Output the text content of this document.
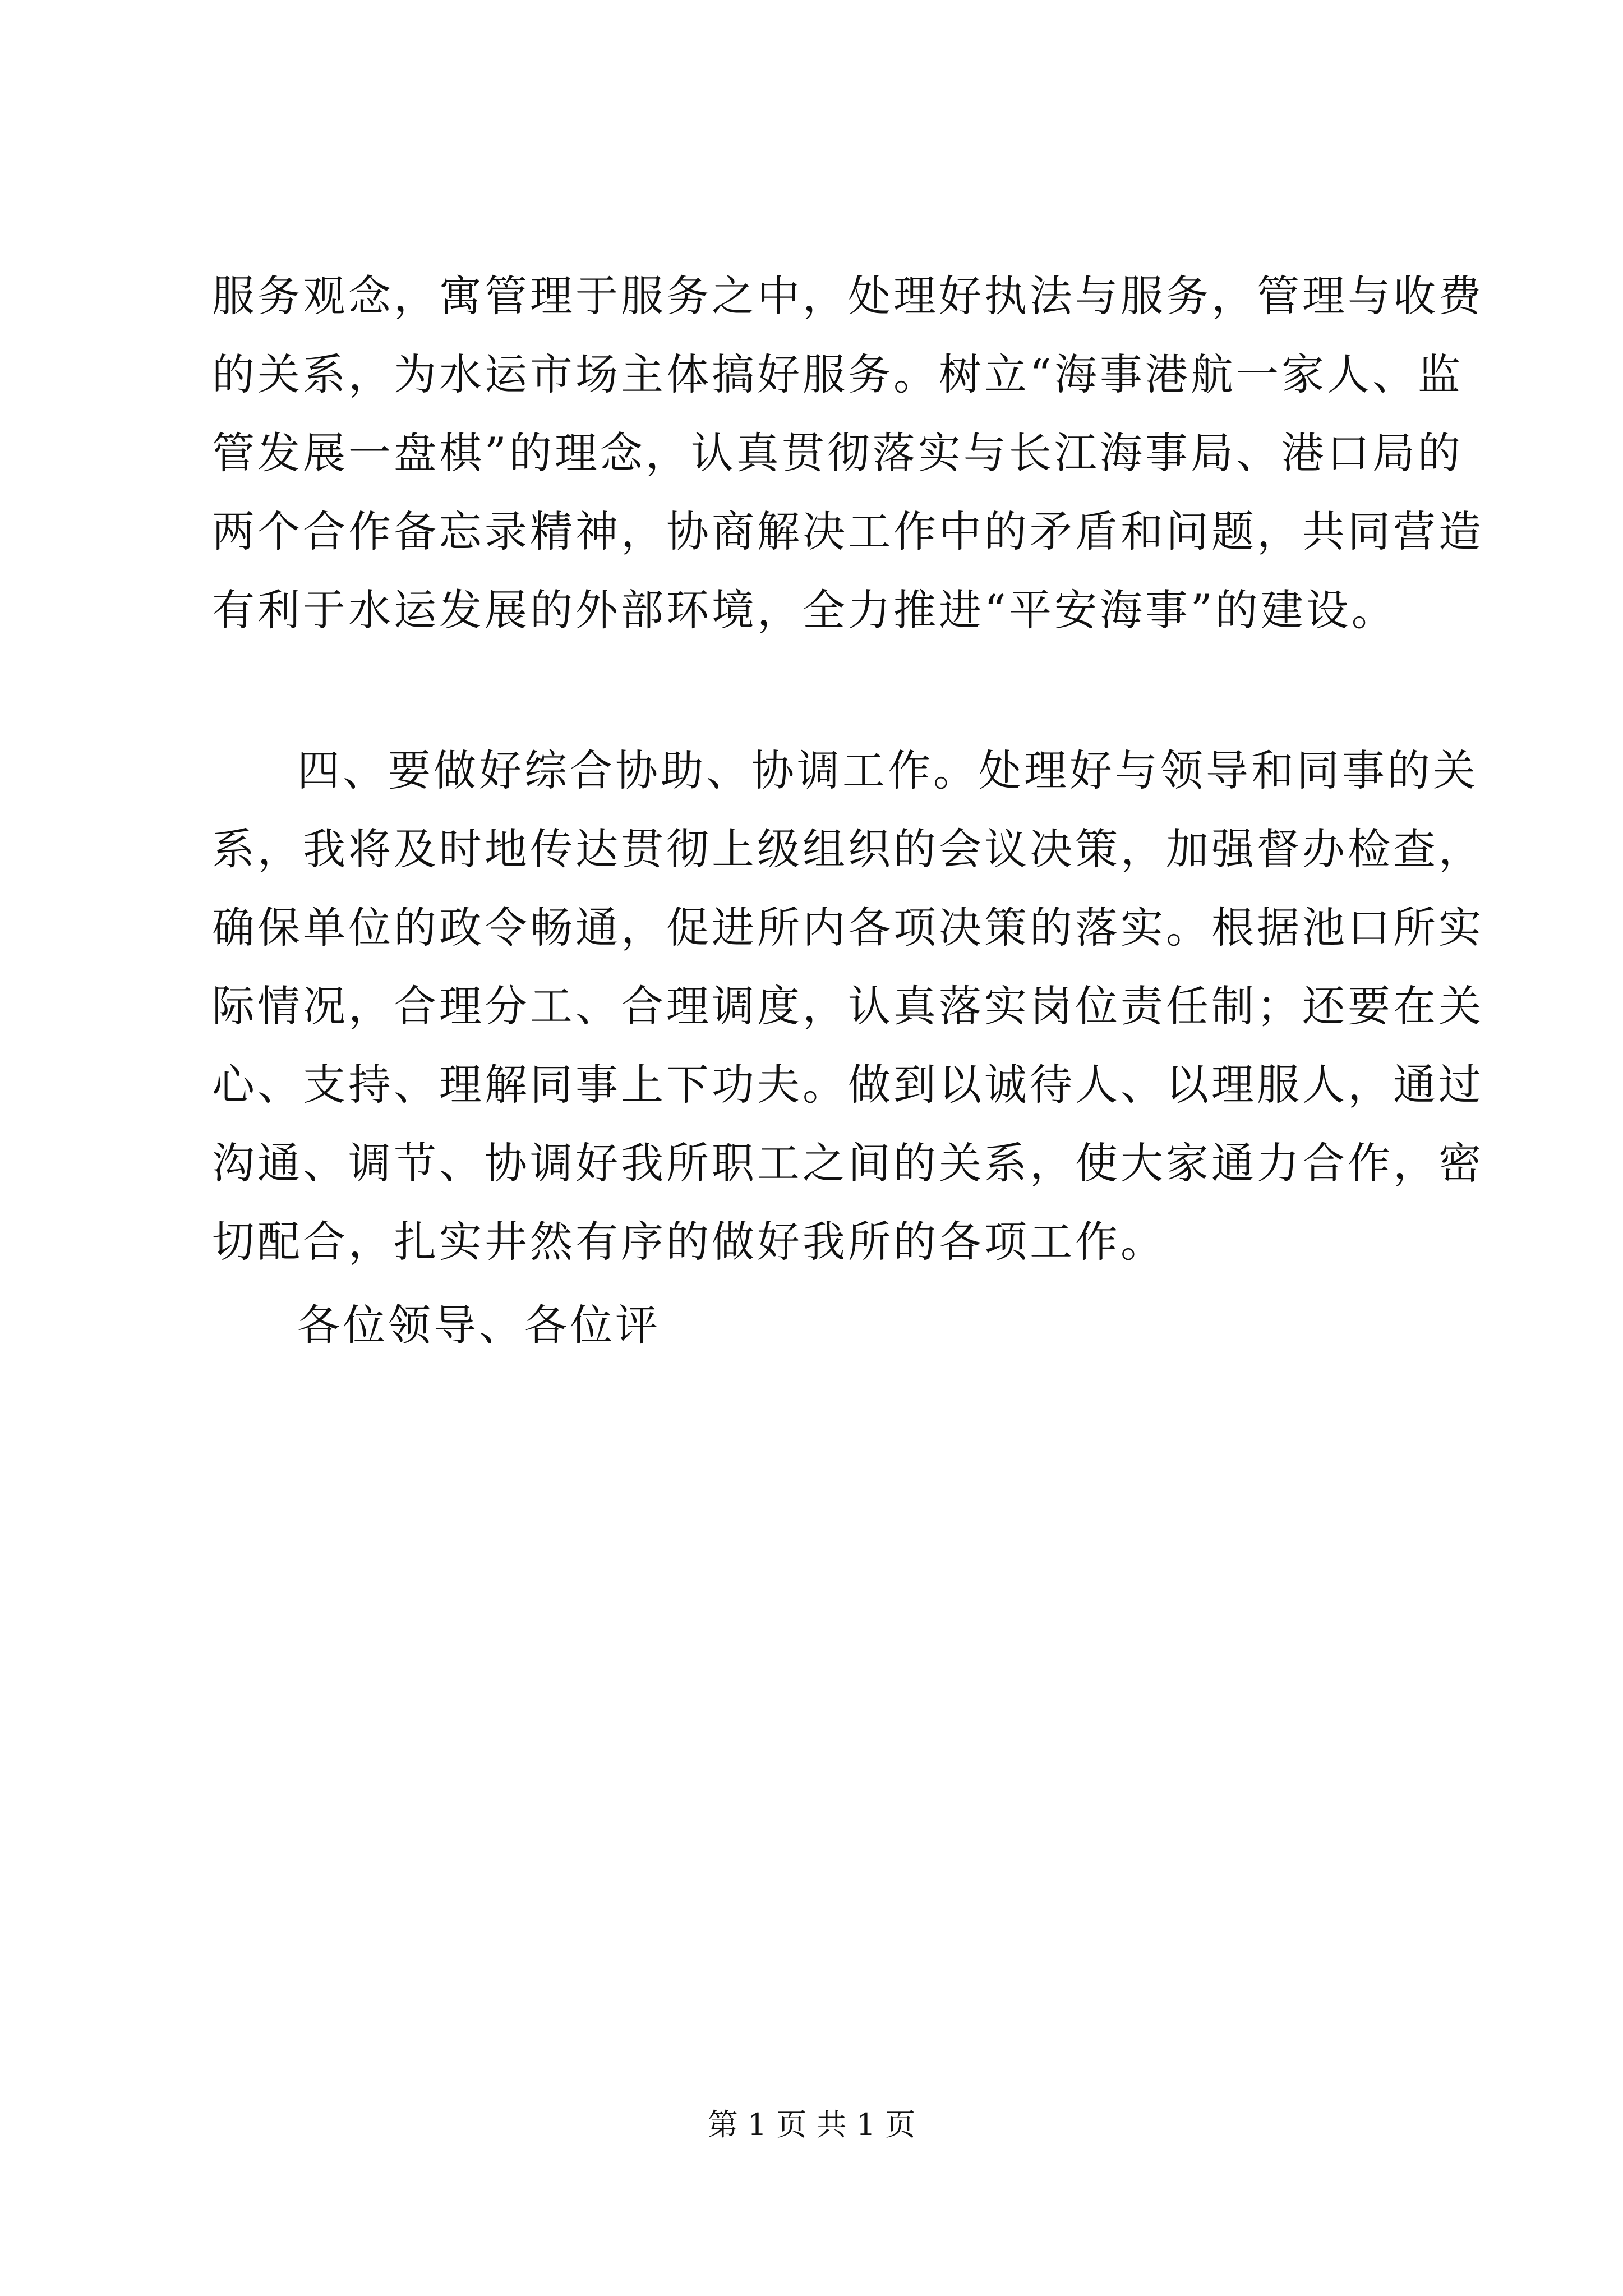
服务观念，寓管理于服务之中，处理好执法与服务，管理与收费
的关系，为水运市场主体搞好服务。树立“海事港航一家人、监
管发展一盘棋”的理念，认真贯彻落实与长江海事局、港口局的
两个合作备忘录精神，协商解决工作中的矛盾和问题，共同营造
有利于水运发展的外部环境，全力推进“平安海事”的建设。
四、要做好综合协助、协调工作。处理好与领导和同事的关
系，我将及时地传达贯彻上级组织的会议决策，加强督办检查，
确保单位的政令畅通，促进所内各项决策的落实。根据池口所实
际情况，合理分工、合理调度，认真落实岗位责任制；还要在关
心、支持、理解同事上下功夫。做到以诚待人、以理服人，通过
沟通、调节、协调好我所职工之间的关系，使大家通力合作，密
切配合，扎实井然有序的做好我所的各项工作。
各位领导、各位评
第 1 页 共 1 页
